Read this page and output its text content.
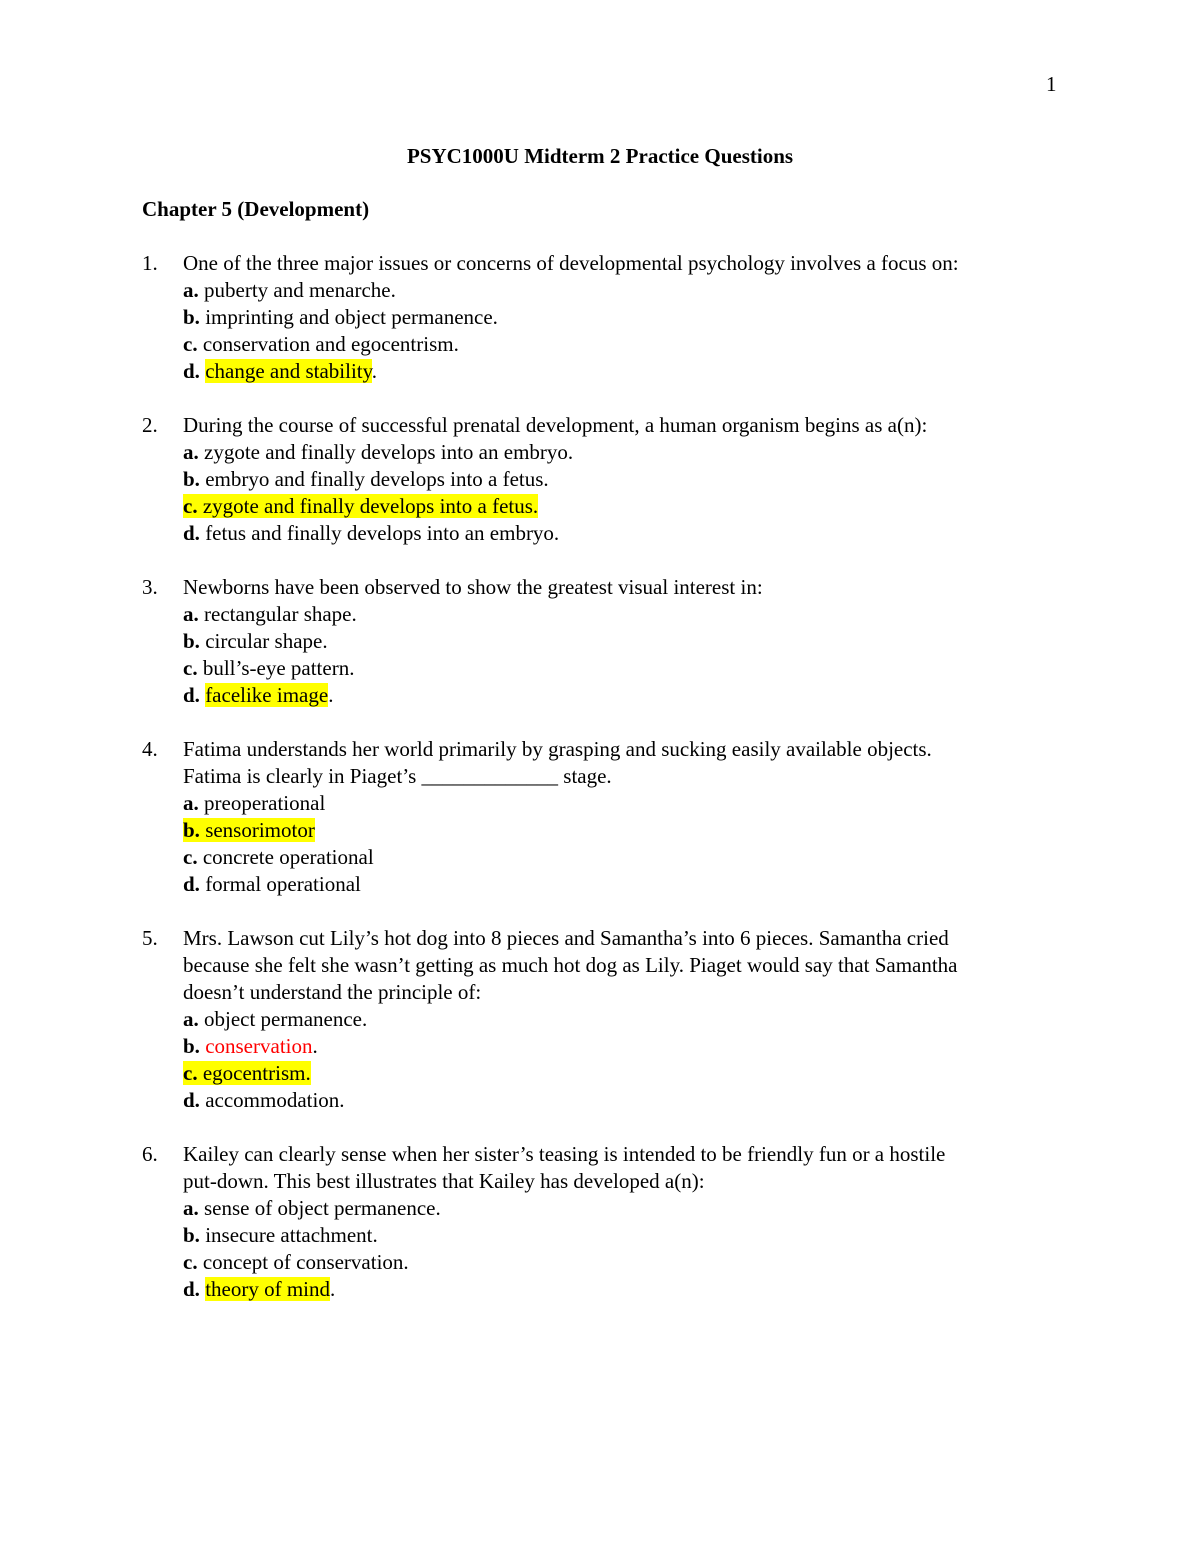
1
PSYC1000U Midterm 2 Practice Questions
Chapter 5 (Development)
1.	One of the three major issues or concerns of developmental psychology involves a focus on:
a. puberty and menarche.
b. imprinting and object permanence.
c. conservation and egocentrism.
d. change and stability.
2.	During the course of successful prenatal development, a human organism begins as a(n):
a. zygote and finally develops into an embryo.
b. embryo and finally develops into a fetus.
c. zygote and finally develops into a fetus.
d. fetus and finally develops into an embryo.
3.	Newborns have been observed to show the greatest visual interest in:
a. rectangular shape.
b. circular shape.
c. bull’s-eye pattern.
d. facelike image.
4.	Fatima understands her world primarily by grasping and sucking easily available objects.
Fatima is clearly in Piaget’s _____________ stage.
a. preoperational
b. sensorimotor
c. concrete operational
d. formal operational
5.	Mrs. Lawson cut Lily’s hot dog into 8 pieces and Samantha’s into 6 pieces. Samantha cried
because she felt she wasn’t getting as much hot dog as Lily. Piaget would say that Samantha
doesn’t understand the principle of:
a. object permanence.
b. conservation.
c. egocentrism.
d. accommodation.
6.	Kailey can clearly sense when her sister’s teasing is intended to be friendly fun or a hostile
put-down. This best illustrates that Kailey has developed a(n):
a. sense of object permanence.
b. insecure attachment.
c. concept of conservation.
d. theory of mind.
